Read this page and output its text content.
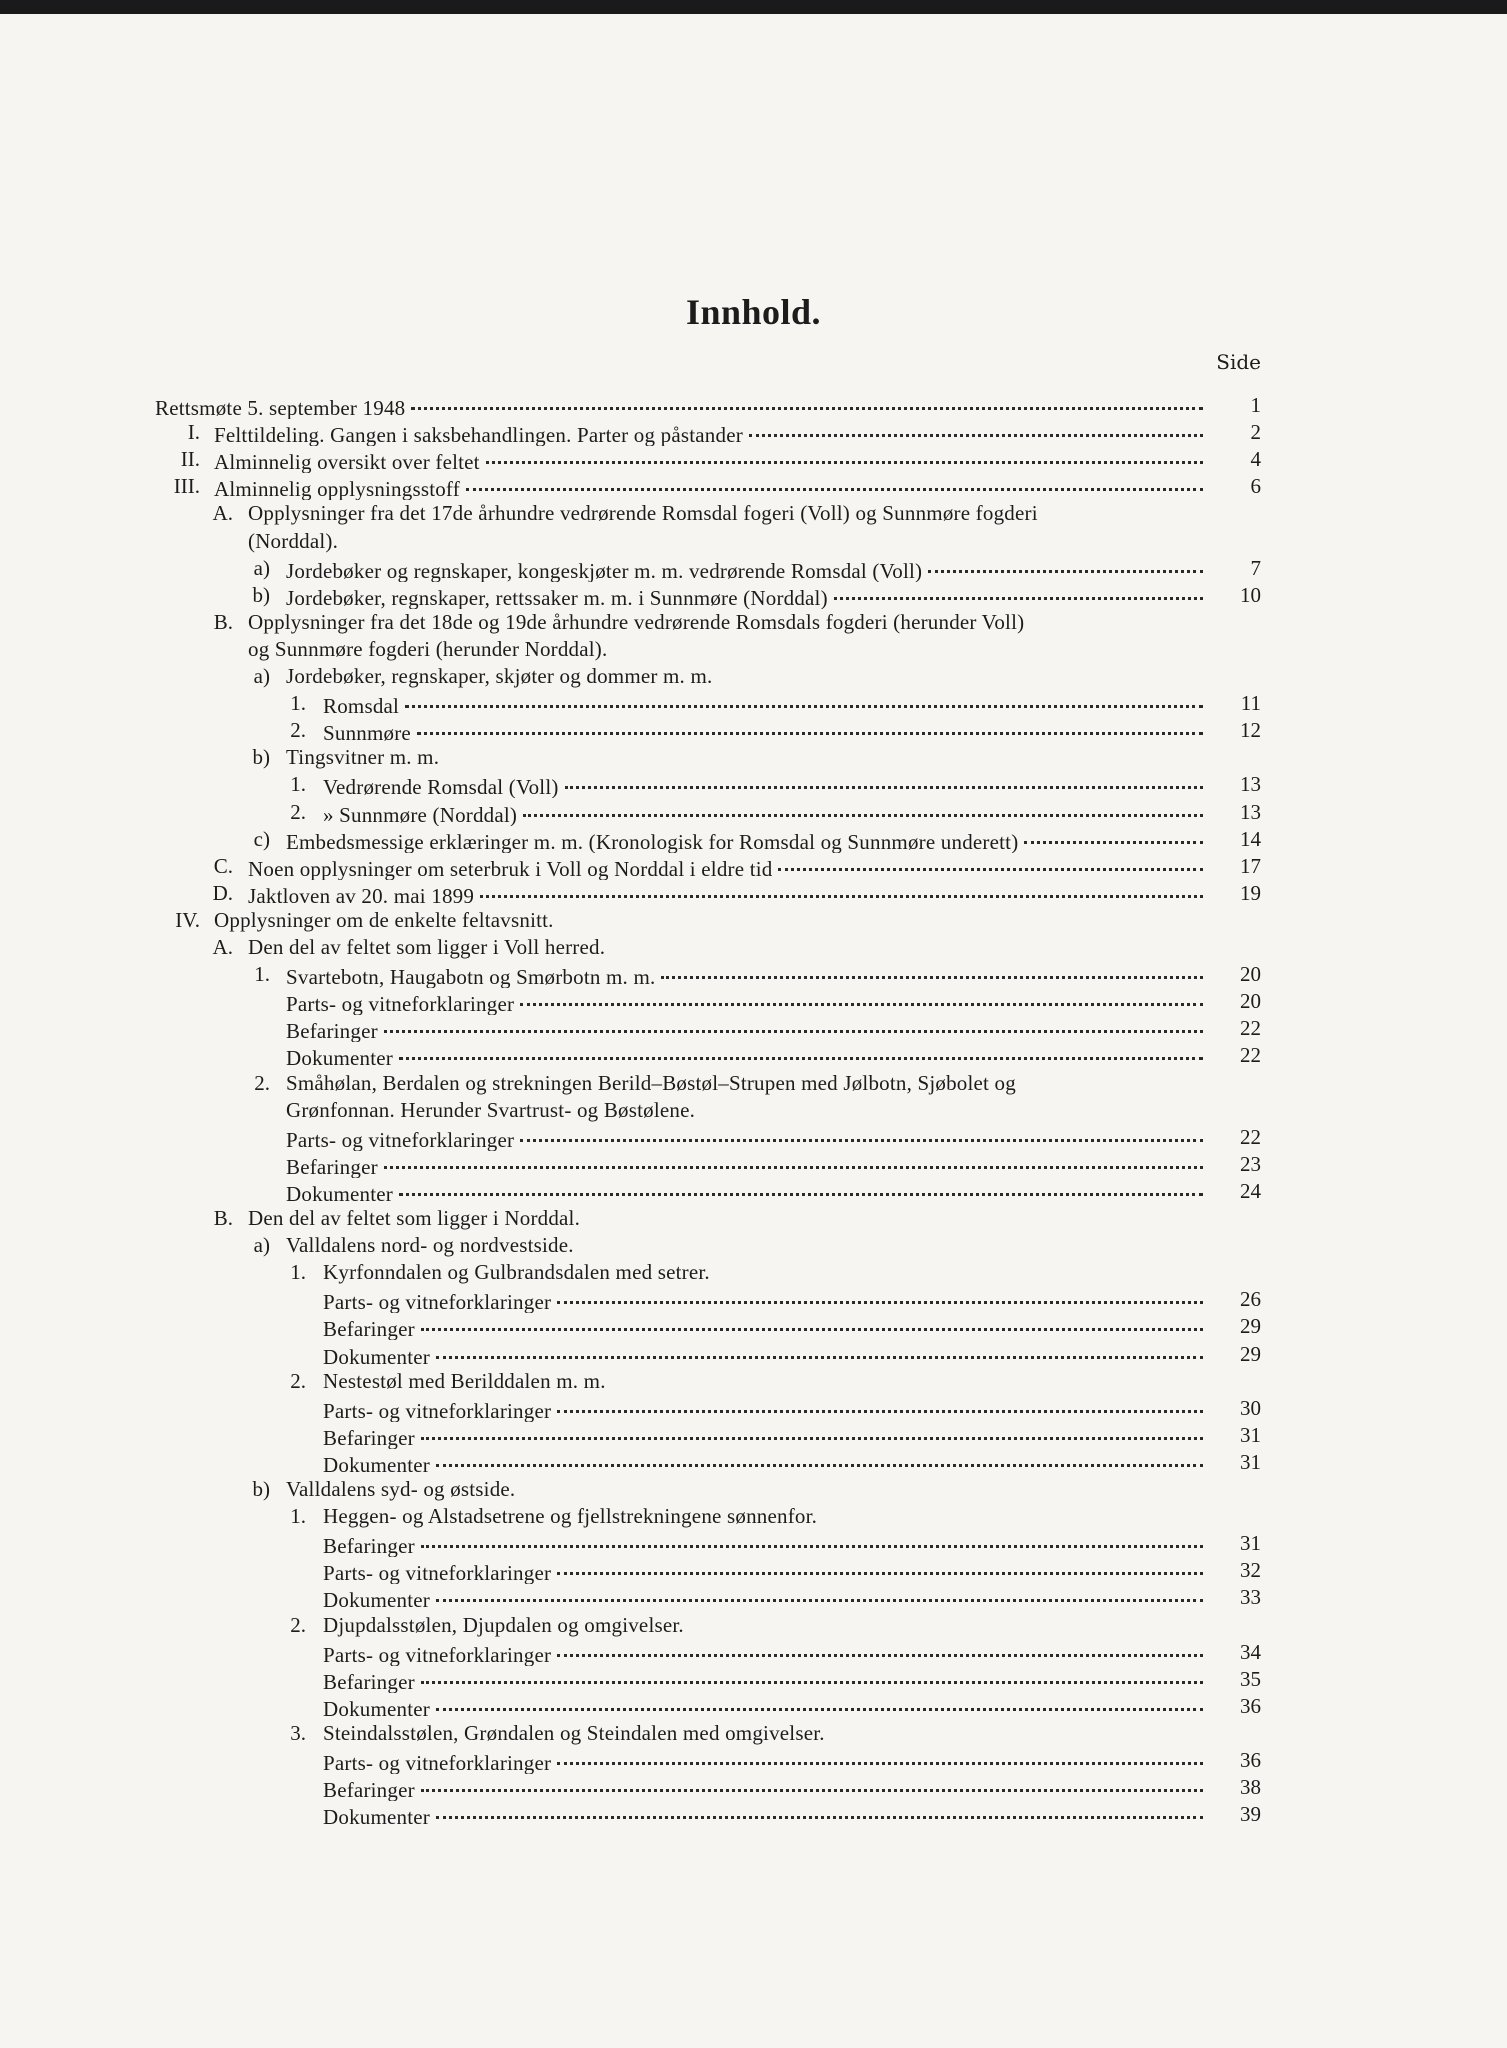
Innhold.
Side
Rettsmøte 5. september 1948	1
I. Felttildeling. Gangen i saksbehandlingen. Parter og påstander	2
II. Alminnelig oversikt over feltet	4
III. Alminnelig opplysningsstoff	6
A. Opplysninger fra det 17de århundre vedrørende Romsdal fogeri (Voll) og Sunnmøre fogderi
(Norddal).
a) Jordebøker og regnskaper, kongeskjøter m. m. vedrørende Romsdal (Voll)	7
b) Jordebøker, regnskaper, rettssaker m. m. i Sunnmøre (Norddal)	10
B. Opplysninger fra det 18de og 19de århundre vedrørende Romsdals fogderi (herunder Voll)
og Sunnmøre fogderi (herunder Norddal).
a) Jordebøker, regnskaper, skjøter og dommer m. m.
1. Romsdal	11
2. Sunnmøre	12
b) Tingsvitner m. m.
1. Vedrørende Romsdal (Voll)	13
2. » Sunnmøre (Norddal)	13
c) Embedsmessige erklæringer m. m. (Kronologisk for Romsdal og Sunnmøre underett)	14
C. Noen opplysninger om seterbruk i Voll og Norddal i eldre tid	17
D. Jaktloven av 20. mai 1899	19
IV. Opplysninger om de enkelte feltavsnitt.
A. Den del av feltet som ligger i Voll herred.
1. Svartebotn, Haugabotn og Smørbotn m. m.	20
Parts- og vitneforklaringer	20
Befaringer	22
Dokumenter	22
2. Småhølan, Berdalen og strekningen Berild–Bøstøl–Strupen med Jølbotn, Sjøbolet og
Grønfonnan. Herunder Svartrust- og Bøstølene.
Parts- og vitneforklaringer	22
Befaringer	23
Dokumenter	24
B. Den del av feltet som ligger i Norddal.
a) Valldalens nord- og nordvestside.
1. Kyrfonndalen og Gulbrandsdalen med setrer.
Parts- og vitneforklaringer	26
Befaringer	29
Dokumenter	29
2. Nestestøl med Berilddalen m. m.
Parts- og vitneforklaringer	30
Befaringer	31
Dokumenter	31
b) Valldalens syd- og østside.
1. Heggen- og Alstadsetrene og fjellstrekningene sønnenfor.
Befaringer	31
Parts- og vitneforklaringer	32
Dokumenter	33
2. Djupdalsstølen, Djupdalen og omgivelser.
Parts- og vitneforklaringer	34
Befaringer	35
Dokumenter	36
3. Steindalsstølen, Grøndalen og Steindalen med omgivelser.
Parts- og vitneforklaringer	36
Befaringer	38
Dokumenter	39
